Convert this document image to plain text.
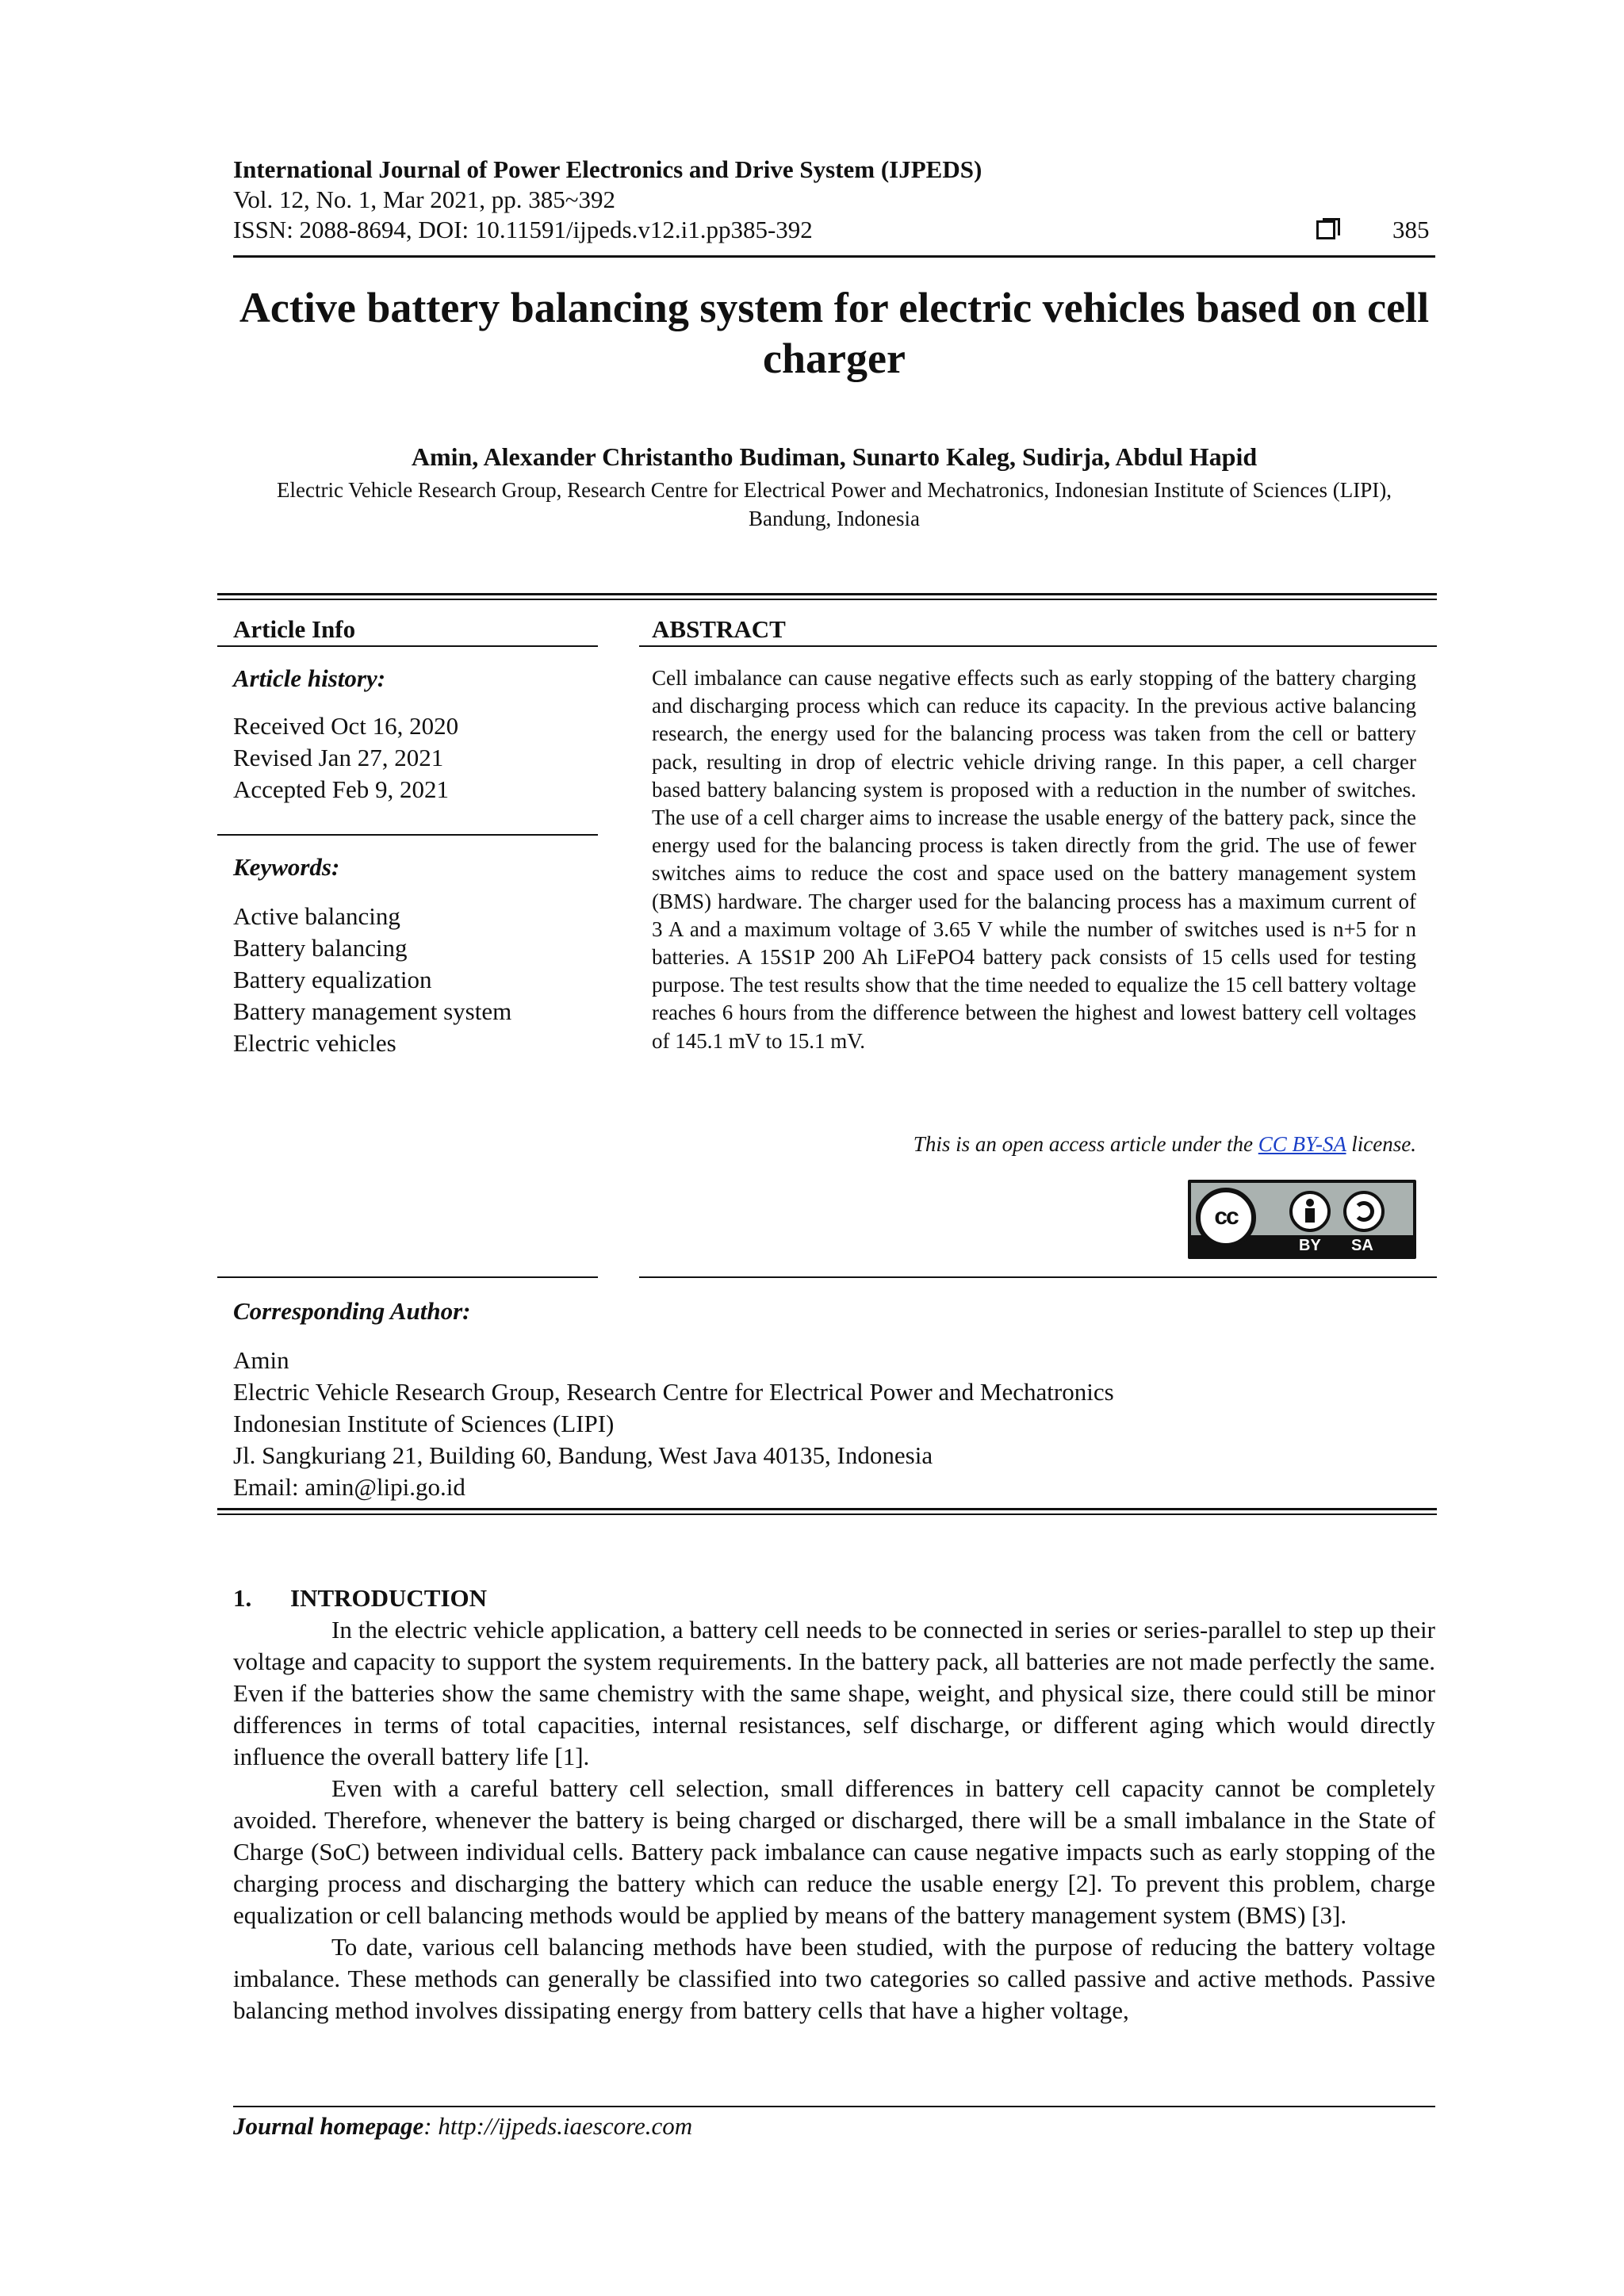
International Journal of Power Electronics and Drive System (IJPEDS)
Vol. 12, No. 1, Mar 2021, pp. 385~392
ISSN: 2088-8694, DOI: 10.11591/ijpeds.v12.i1.pp385-392	385
Active battery balancing system for electric vehicles based on cell charger
Amin, Alexander Christantho Budiman, Sunarto Kaleg, Sudirja, Abdul Hapid
Electric Vehicle Research Group, Research Centre for Electrical Power and Mechatronics, Indonesian Institute of Sciences (LIPI), Bandung, Indonesia
Article Info
Article history:
Received Oct 16, 2020
Revised Jan 27, 2021
Accepted Feb 9, 2021
Keywords:
Active balancing
Battery balancing
Battery equalization
Battery management system
Electric vehicles
ABSTRACT
Cell imbalance can cause negative effects such as early stopping of the battery charging and discharging process which can reduce its capacity. In the previous active balancing research, the energy used for the balancing process was taken from the cell or battery pack, resulting in drop of electric vehicle driving range. In this paper, a cell charger based battery balancing system is proposed with a reduction in the number of switches. The use of a cell charger aims to increase the usable energy of the battery pack, since the energy used for the balancing process is taken directly from the grid. The use of fewer switches aims to reduce the cost and space used on the battery management system (BMS) hardware. The charger used for the balancing process has a maximum current of 3 A and a maximum voltage of 3.65 V while the number of switches used is n+5 for n batteries. A 15S1P 200 Ah LiFePO4 battery pack consists of 15 cells used for testing purpose. The test results show that the time needed to equalize the 15 cell battery voltage reaches 6 hours from the difference between the highest and lowest battery cell voltages of 145.1 mV to 15.1 mV.
This is an open access article under the CC BY-SA license.
cc
BY SA
Corresponding Author:
Amin
Electric Vehicle Research Group, Research Centre for Electrical Power and Mechatronics
Indonesian Institute of Sciences (LIPI)
Jl. Sangkuriang 21, Building 60, Bandung, West Java 40135, Indonesia
Email: amin@lipi.go.id
1. INTRODUCTION

In the electric vehicle application, a battery cell needs to be connected in series or series-parallel to step up their voltage and capacity to support the system requirements. In the battery pack, all batteries are not made perfectly the same. Even if the batteries show the same chemistry with the same shape, weight, and physical size, there could still be minor differences in terms of total capacities, internal resistances, self discharge, or different aging which would directly influence the overall battery life [1].

Even with a careful battery cell selection, small differences in battery cell capacity cannot be completely avoided. Therefore, whenever the battery is being charged or discharged, there will be a small imbalance in the State of Charge (SoC) between individual cells. Battery pack imbalance can cause negative impacts such as early stopping of the charging process and discharging the battery which can reduce the usable energy [2]. To prevent this problem, charge equalization or cell balancing methods would be applied by means of the battery management system (BMS) [3].

To date, various cell balancing methods have been studied, with the purpose of reducing the battery voltage imbalance. These methods can generally be classified into two categories so called passive and active methods. Passive balancing method involves dissipating energy from battery cells that have a higher voltage,

Journal homepage: http://ijpeds.iaescore.com
